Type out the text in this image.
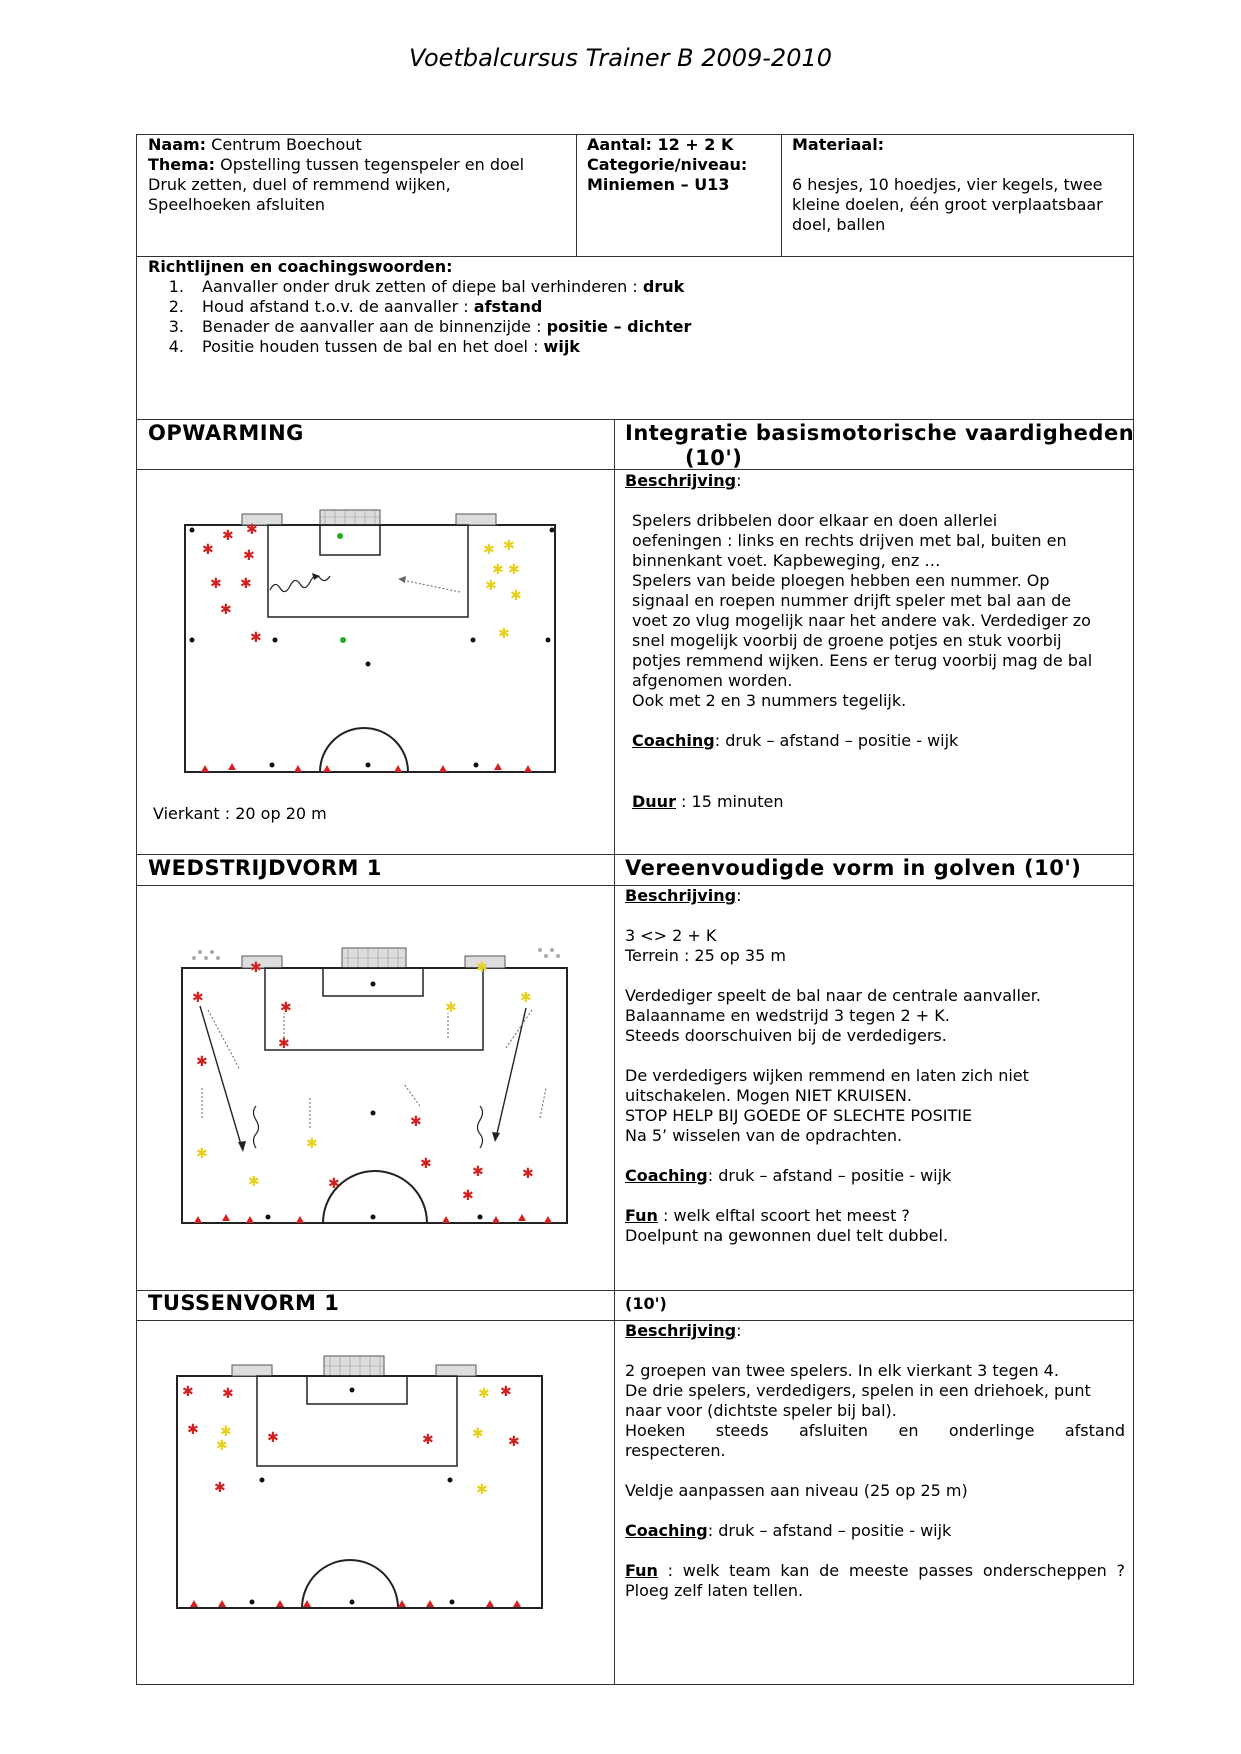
Voetbalcursus Trainer B 2009-2010
Naam: Centrum Boechout
Thema: Opstelling tussen tegenspeler en doel
Druk zetten, duel of remmend wijken,
Speelhoeken afsluiten
Aantal: 12 + 2 K
Categorie/niveau:
Miniemen – U13
Materiaal:
6 hesjes, 10 hoedjes, vier kegels, twee
kleine doelen, één groot verplaatsbaar
doel, ballen
Richtlijnen en coachingswoorden:
1. Aanvaller onder druk zetten of diepe bal verhinderen : druk
2. Houd afstand t.o.v. de aanvaller : afstand
3. Benader de aanvaller aan de binnenzijde : positie – dichter
4. Positie houden tussen de bal en het doel : wijk
OPWARMING	Integratie basismotorische vaardigheden
(10')

Beschrijving:

Spelers dribbelen door elkaar en doen allerlei

oefeningen : links en rechts drijven met bal, buiten en

binnenkant voet. Kapbeweging, enz …

Spelers van beide ploegen hebben een nummer. Op

signaal en roepen nummer drijft speler met bal aan de

voet zo vlug mogelijk naar het andere vak. Verdediger zo

snel mogelijk voorbij de groene potjes en stuk voorbij

potjes remmend wijken. Eens er terug voorbij mag de bal

afgenomen worden.

Ook met 2 en 3 nummers tegelijk.

Coaching: druk – afstand – positie - wijk

Duur : 15 minuten

Vierkant : 20 op 20 m
✱
✱ ✱
✱
✱ ✱
✱
✱
✱ ✱
✱ ✱
✱
✱
✱
WEDSTRIJDVORM 1	Vereenvoudigde vorm in golven (10')

Beschrijving:

3 <> 2 + K

Terrein : 25 op 35 m

Verdediger speelt de bal naar de centrale aanvaller.

Balaanname en wedstrijd 3 tegen 2 + K.

Steeds doorschuiven bij de verdedigers.

De verdedigers wijken remmend en laten zich niet

uitschakelen. Mogen NIET KRUISEN.

STOP HELP BIJ GOEDE OF SLECHTE POSITIE

Na 5’ wisselen van de opdrachten.

Coaching: druk – afstand – positie - wijk

Fun : welk elftal scoort het meest ?

Doelpunt na gewonnen duel telt dubbel.

✱
✱
✱
✱
✱
✱
✱	✱	✱
✱
✱
✱
✱
✱
✱
✱
✱
TUSSENVORM 1	(10')

Beschrijving:

2 groepen van twee spelers. In elk vierkant 3 tegen 4.

De drie spelers, verdedigers, spelen in een driehoek, punt

naar voor (dichtste speler bij bal).

Hoeken steeds afsluiten en onderlinge afstand

respecteren.

Veldje aanpassen aan niveau (25 op 25 m)

Coaching: druk – afstand – positie - wijk

Fun : welk team kan de meeste passes onderscheppen ?

Ploeg zelf laten tellen.

✱ ✱
✱	✱	✱	✱
✱
✱
✱
✱
✱
✱
✱
